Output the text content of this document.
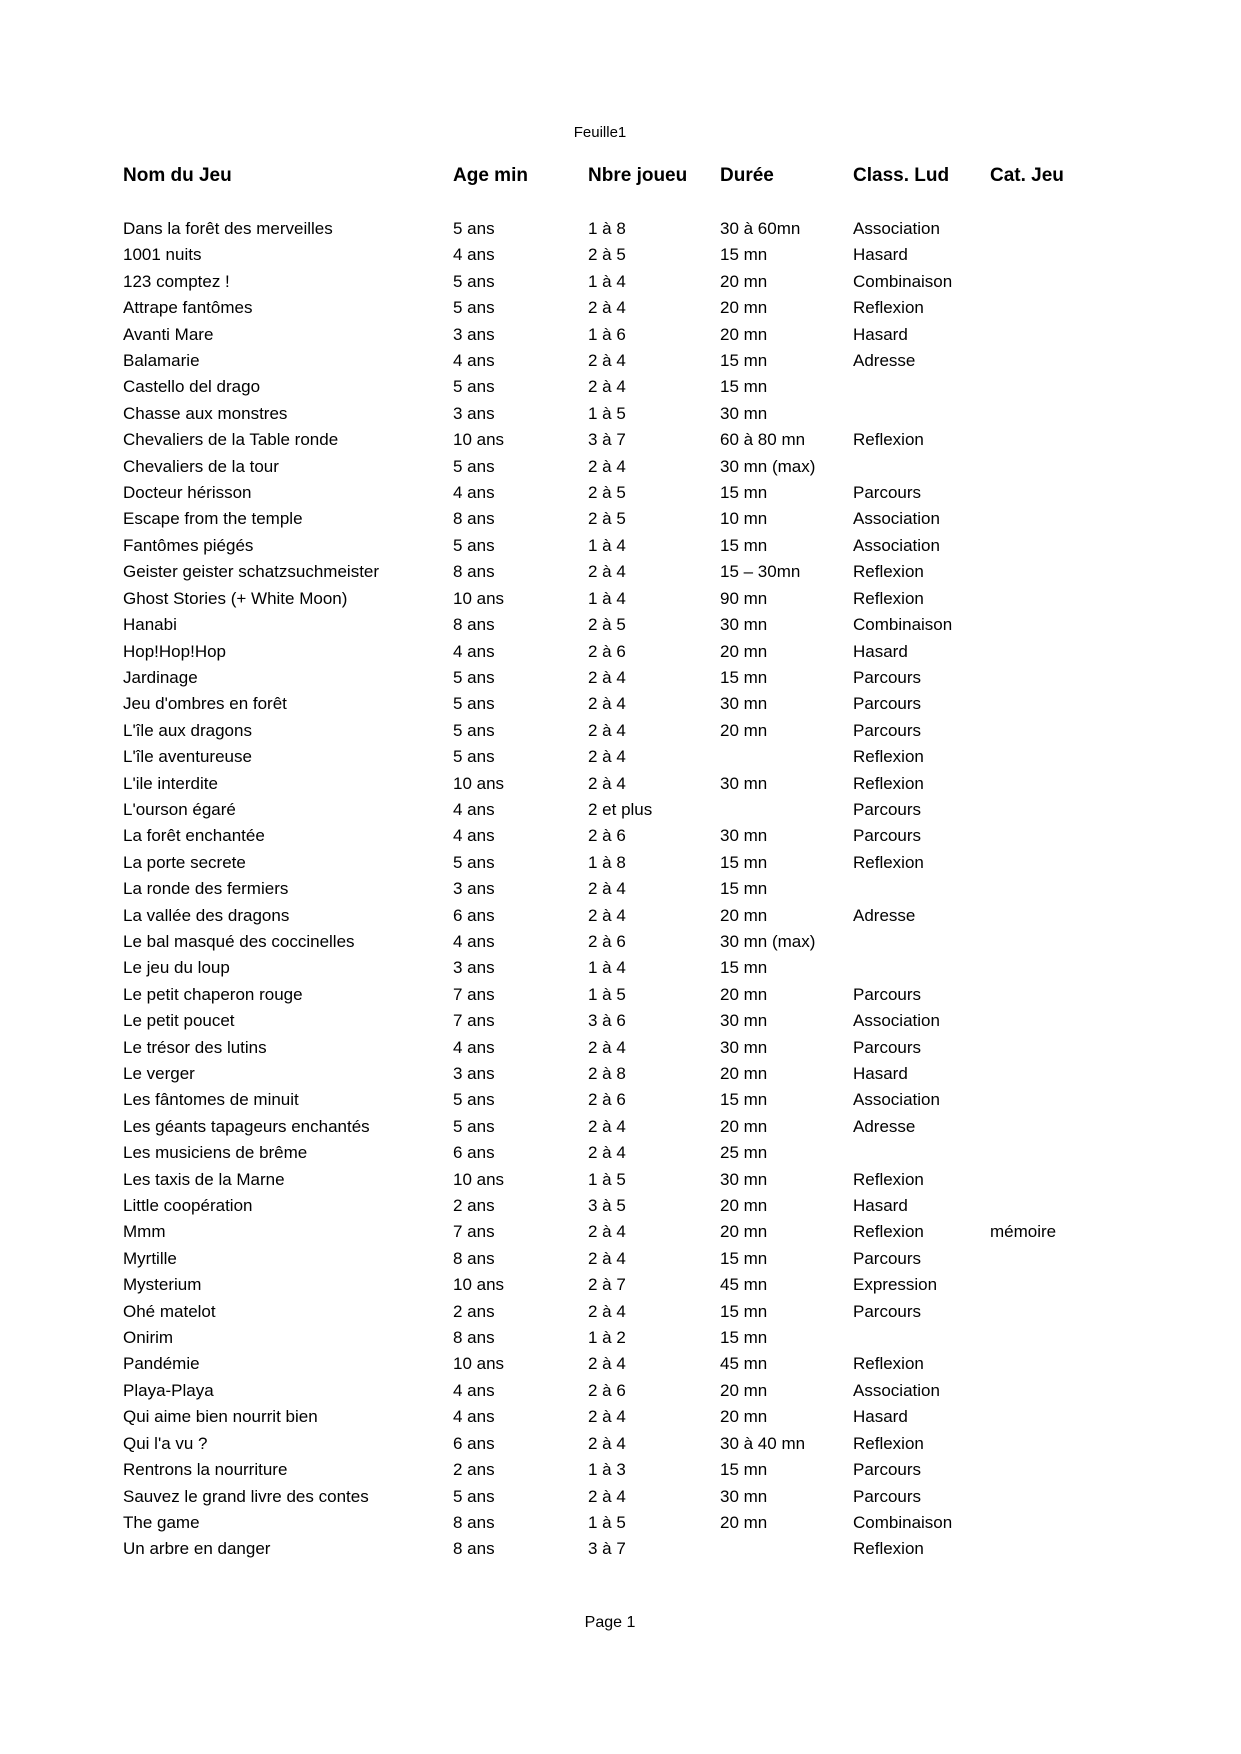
Feuille1
Nom du Jeu	Age min	Nbre joueu	Durée	Class. Lud	Cat. Jeu
Dans la forêt des merveilles	5 ans	1 à 8	30 à 60mn	Association	
1001 nuits	4 ans	2 à 5	15 mn	Hasard	
123 comptez !	5 ans	1 à 4	20 mn	Combinaison	
Attrape fantômes	5 ans	2 à 4	20 mn	Reflexion	
Avanti Mare	3 ans	1 à 6	20 mn	Hasard	
Balamarie	4 ans	2 à 4	15 mn	Adresse	
Castello del drago	5 ans	2 à 4	15 mn		
Chasse aux monstres	3 ans	1 à 5	30 mn		
Chevaliers de la Table ronde	10 ans	3 à 7	60 à 80 mn	Reflexion	
Chevaliers de la tour	5 ans	2 à 4	30 mn (max)		
Docteur hérisson	4 ans	2 à 5	15 mn	Parcours	
Escape from the temple	8 ans	2 à 5	10 mn	Association	
Fantômes piégés	5 ans	1 à 4	15 mn	Association	
Geister geister schatzsuchmeister	8 ans	2 à 4	15 – 30mn	Reflexion	
Ghost Stories (+ White Moon)	10 ans	1 à 4	90 mn	Reflexion	
Hanabi	8 ans	2 à 5	30 mn	Combinaison	
Hop!Hop!Hop	4 ans	2 à 6	20 mn	Hasard	
Jardinage	5 ans	2 à 4	15 mn	Parcours	
Jeu d'ombres en forêt	5 ans	2 à 4	30 mn	Parcours	
L'île aux dragons	5 ans	2 à 4	20 mn	Parcours	
L'île aventureuse	5 ans	2 à 4		Reflexion	
L'ile interdite	10 ans	2 à 4	30 mn	Reflexion	
L'ourson égaré	4 ans	2 et plus		Parcours	
La forêt enchantée	4 ans	2 à 6	30 mn	Parcours	
La porte secrete	5 ans	1 à 8	15 mn	Reflexion	
La ronde des fermiers	3 ans	2 à 4	15 mn		
La vallée des dragons	6 ans	2 à 4	20 mn	Adresse	
Le bal masqué des coccinelles	4 ans	2 à 6	30 mn (max)		
Le jeu du loup	3 ans	1 à 4	15 mn		
Le petit chaperon rouge	7 ans	1 à 5	20 mn	Parcours	
Le petit poucet	7 ans	3 à 6	30 mn	Association	
Le trésor des lutins	4 ans	2 à 4	30 mn	Parcours	
Le verger	3 ans	2 à 8	20 mn	Hasard	
Les fântomes de minuit	5 ans	2 à 6	15 mn	Association	
Les géants tapageurs enchantés	5 ans	2 à 4	20 mn	Adresse	
Les musiciens de brême	6 ans	2 à 4	25 mn		
Les taxis de la Marne	10 ans	1 à 5	30 mn	Reflexion	
Little coopération	2 ans	3 à 5	20 mn	Hasard	
Mmm	7 ans	2 à 4	20 mn	Reflexion	mémoire
Myrtille	8 ans	2 à 4	15 mn	Parcours	
Mysterium	10 ans	2 à 7	45 mn	Expression	
Ohé matelot	2 ans	2 à 4	15 mn	Parcours	
Onirim	8 ans	1 à 2	15 mn		
Pandémie	10 ans	2 à 4	45 mn	Reflexion	
Playa-Playa	4 ans	2 à 6	20 mn	Association	
Qui aime bien nourrit bien	4 ans	2 à 4	20 mn	Hasard	
Qui l'a vu ?	6 ans	2 à 4	30 à 40 mn	Reflexion	
Rentrons la nourriture	2 ans	1 à 3	15 mn	Parcours	
Sauvez le grand livre des contes	5 ans	2 à 4	30 mn	Parcours	
The game	8 ans	1 à 5	20 mn	Combinaison	
Un arbre en danger	8 ans	3 à 7		Reflexion	
Page 1
